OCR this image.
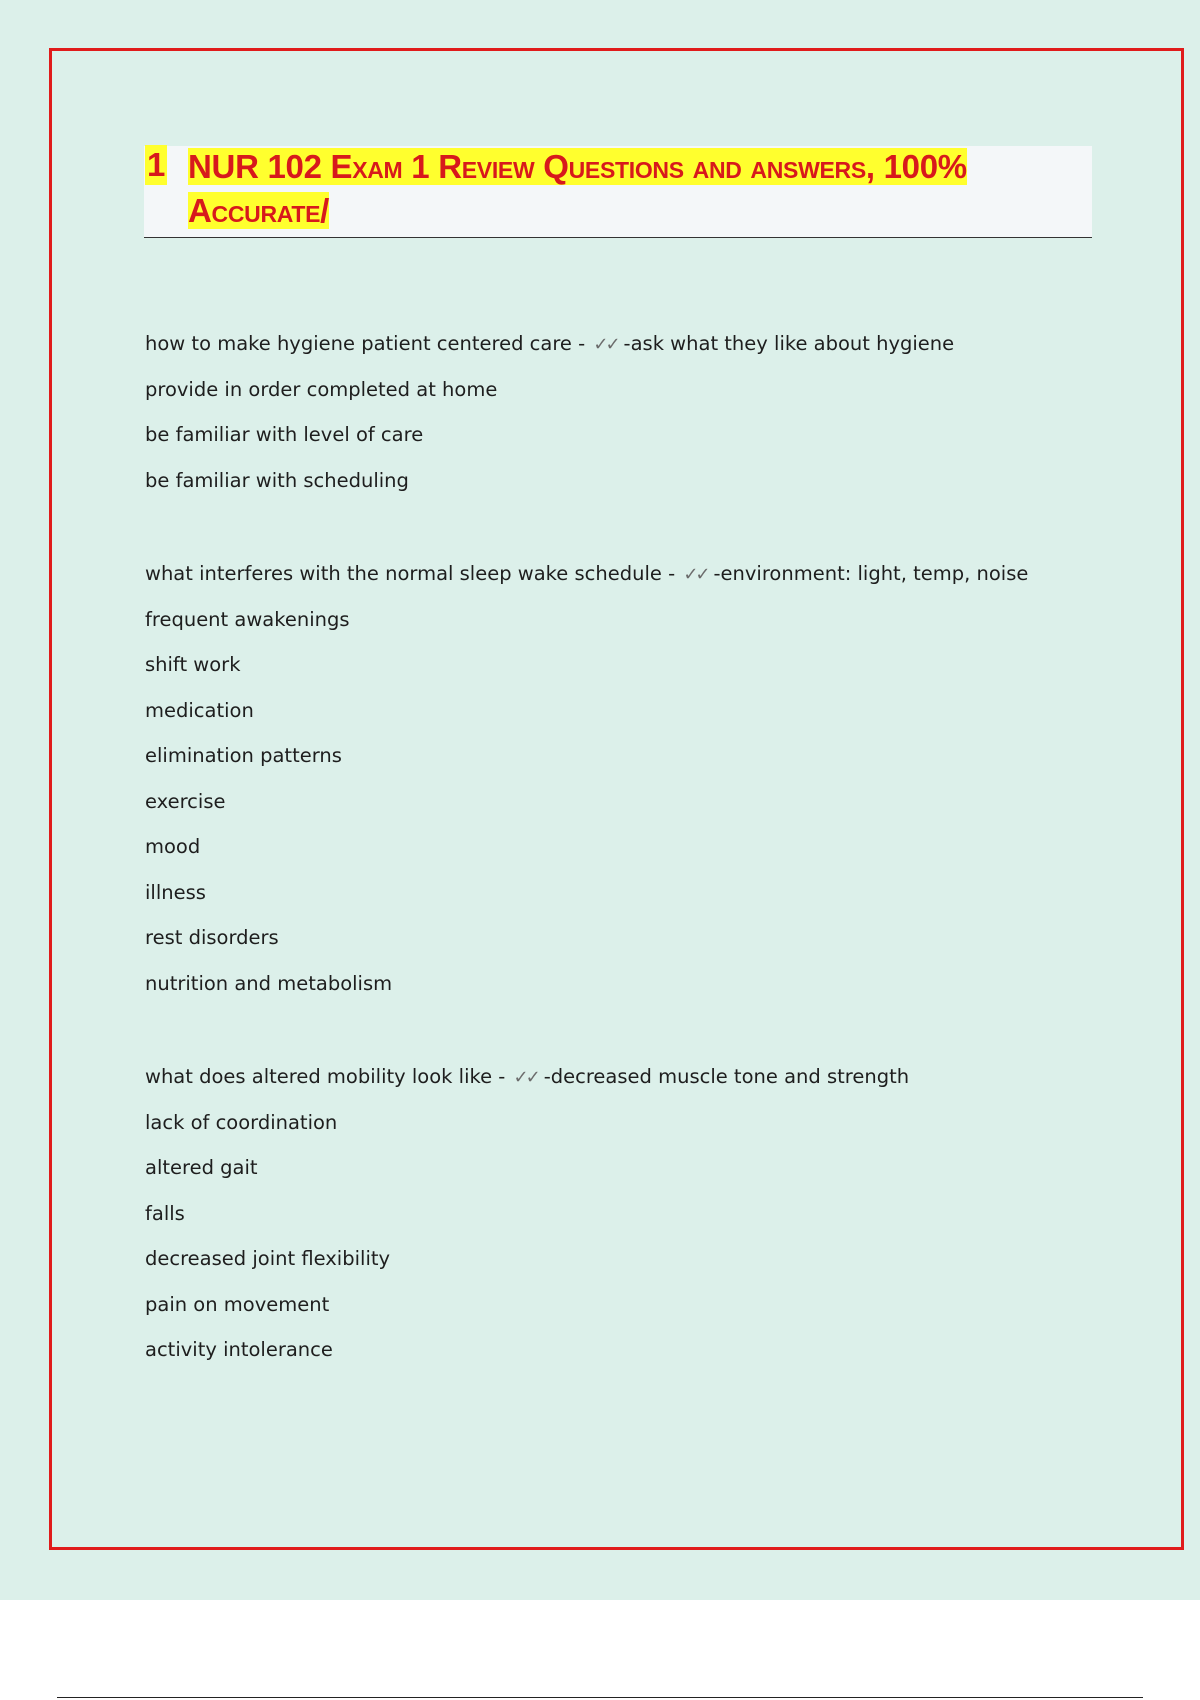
1 NUR 102 Exam 1 Review Questions and answers, 100% Accurate/
how to make hygiene patient centered care - ✓✓ -ask what they like about hygiene
provide in order completed at home
be familiar with level of care
be familiar with scheduling
what interferes with the normal sleep wake schedule - ✓✓ -environment: light, temp, noise
frequent awakenings
shift work
medication
elimination patterns
exercise
mood
illness
rest disorders
nutrition and metabolism
what does altered mobility look like - ✓✓ -decreased muscle tone and strength
lack of coordination
altered gait
falls
decreased joint flexibility
pain on movement
activity intolerance
